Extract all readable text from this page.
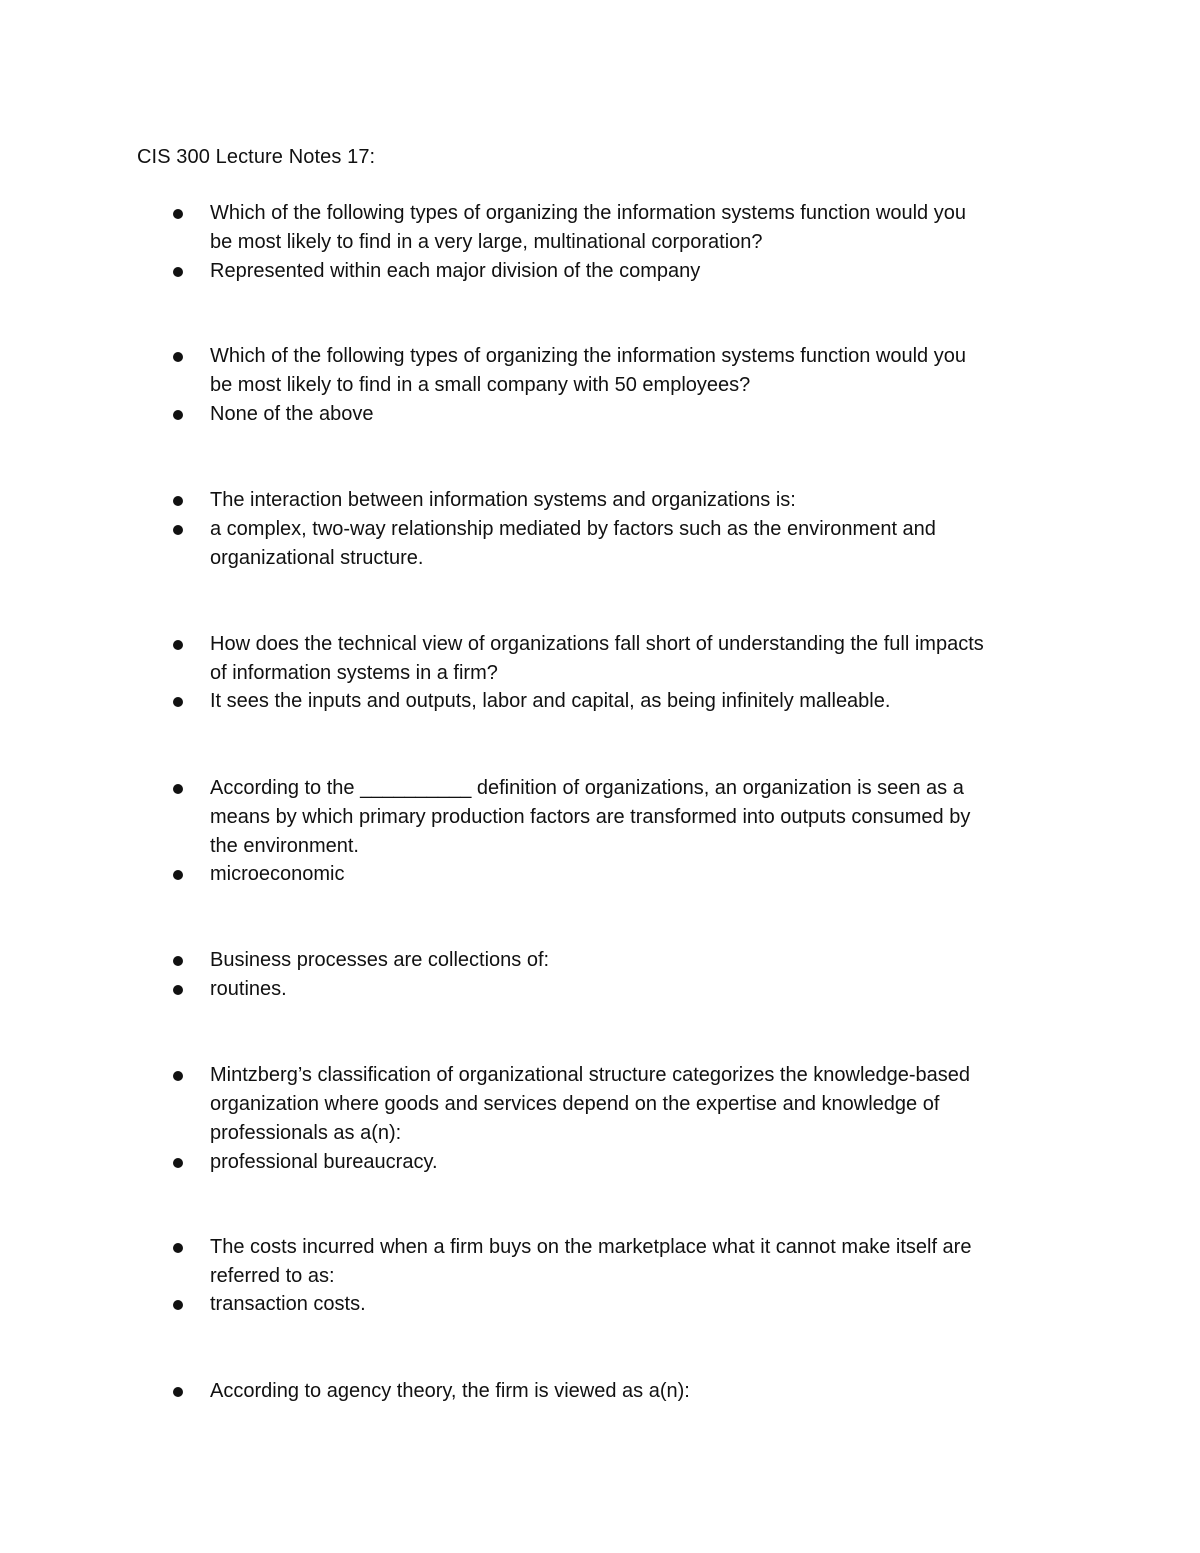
CIS 300 Lecture Notes 17:
Which of the following types of organizing the information systems function would you
be most likely to find in a very large, multinational corporation?
Represented within each major division of the company
Which of the following types of organizing the information systems function would you
be most likely to find in a small company with 50 employees?
None of the above
The interaction between information systems and organizations is:
a complex, two-way relationship mediated by factors such as the environment and
organizational structure.
How does the technical view of organizations fall short of understanding the full impacts
of information systems in a firm?
It sees the inputs and outputs, labor and capital, as being infinitely malleable.
According to the __________ definition of organizations, an organization is seen as a
means by which primary production factors are transformed into outputs consumed by
the environment.
microeconomic
Business processes are collections of:
routines.
Mintzberg’s classification of organizational structure categorizes the knowledge-based
organization where goods and services depend on the expertise and knowledge of
professionals as a(n):
professional bureaucracy.
The costs incurred when a firm buys on the marketplace what it cannot make itself are
referred to as:
transaction costs.
According to agency theory, the firm is viewed as a(n):
